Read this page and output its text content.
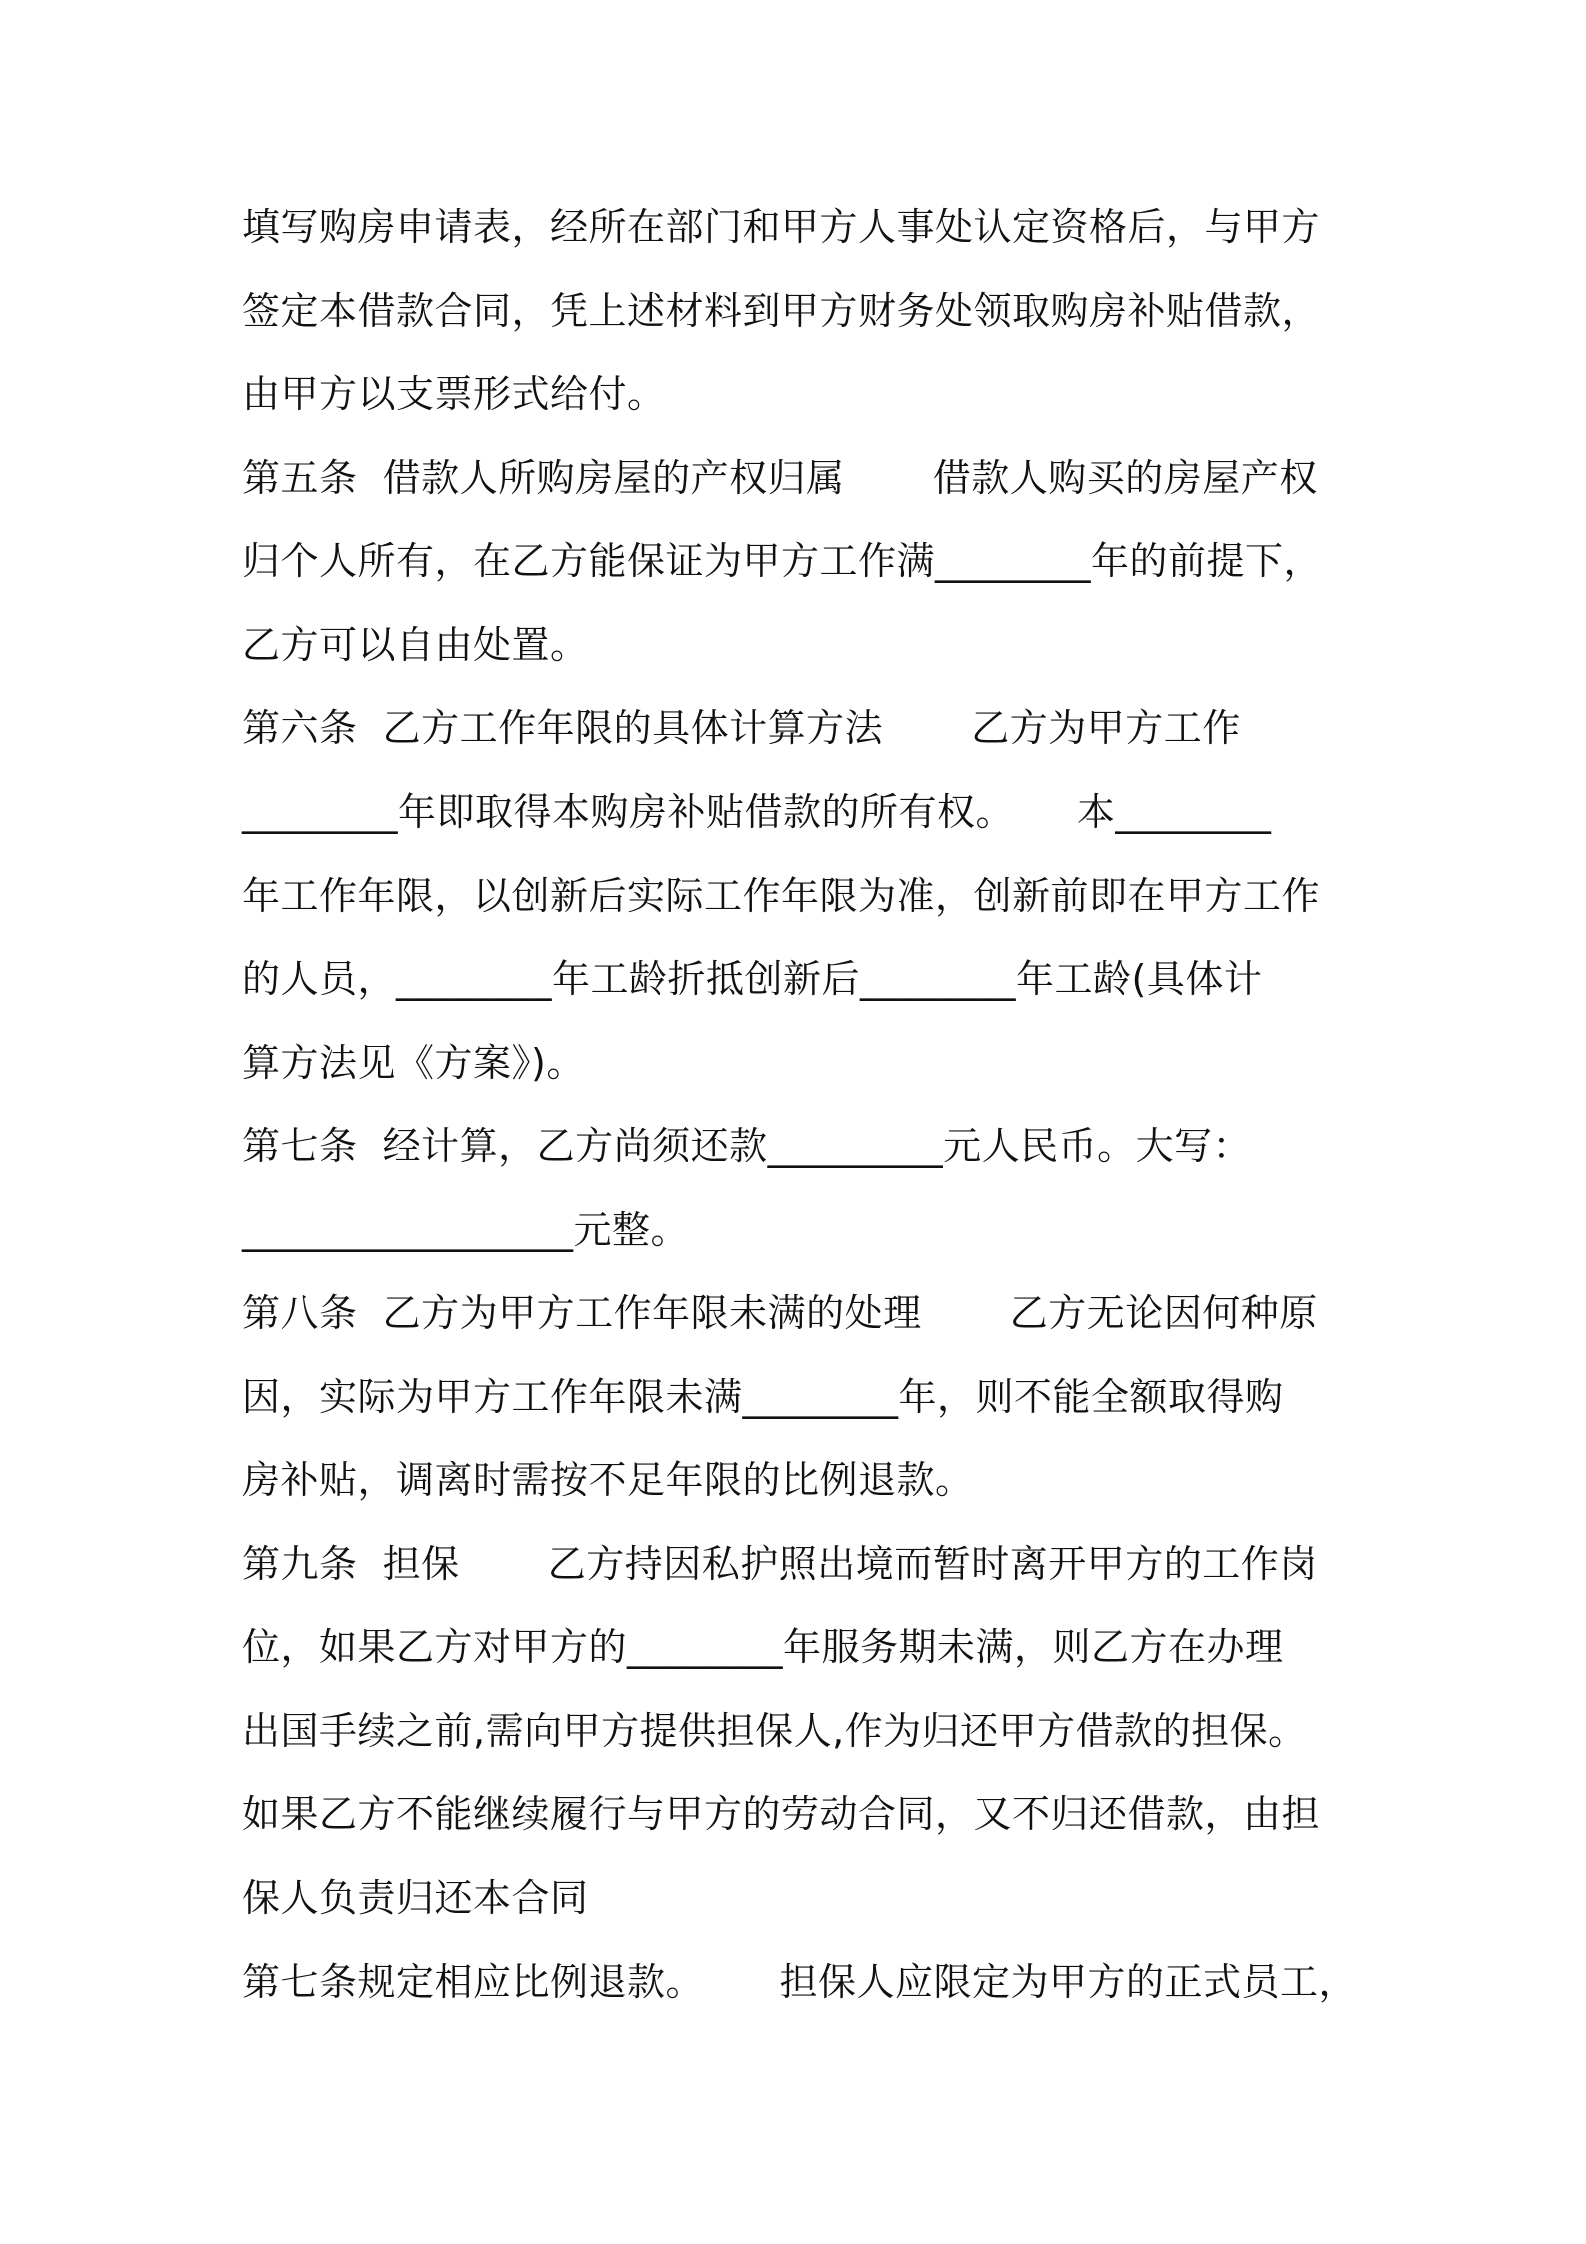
填写购房申请表，经所在部门和甲方人事处认定资格后，与甲方
签定本借款合同，凭上述材料到甲方财务处领取购房补贴借款，
由甲方以支票形式给付。
第五条  借款人所购房屋的产权归属       借款人购买的房屋产权
归个人所有，在乙方能保证为甲方工作满________年的前提下，
乙方可以自由处置。
第六条  乙方工作年限的具体计算方法       乙方为甲方工作
________年即取得本购房补贴借款的所有权。     本________
年工作年限，以创新后实际工作年限为准，创新前即在甲方工作
的人员，________年工龄折抵创新后________年工龄(具体计
算方法见《方案》)。
第七条  经计算，乙方尚须还款_________元人民币。大写：
_________________元整。
第八条  乙方为甲方工作年限未满的处理       乙方无论因何种原
因，实际为甲方工作年限未满________年，则不能全额取得购
房补贴，调离时需按不足年限的比例退款。
第九条  担保       乙方持因私护照出境而暂时离开甲方的工作岗
位，如果乙方对甲方的________年服务期未满，则乙方在办理
出国手续之前,需向甲方提供担保人,作为归还甲方借款的担保。
如果乙方不能继续履行与甲方的劳动合同，又不归还借款，由担
保人负责归还本合同
第七条规定相应比例退款。      担保人应限定为甲方的正式员工，
